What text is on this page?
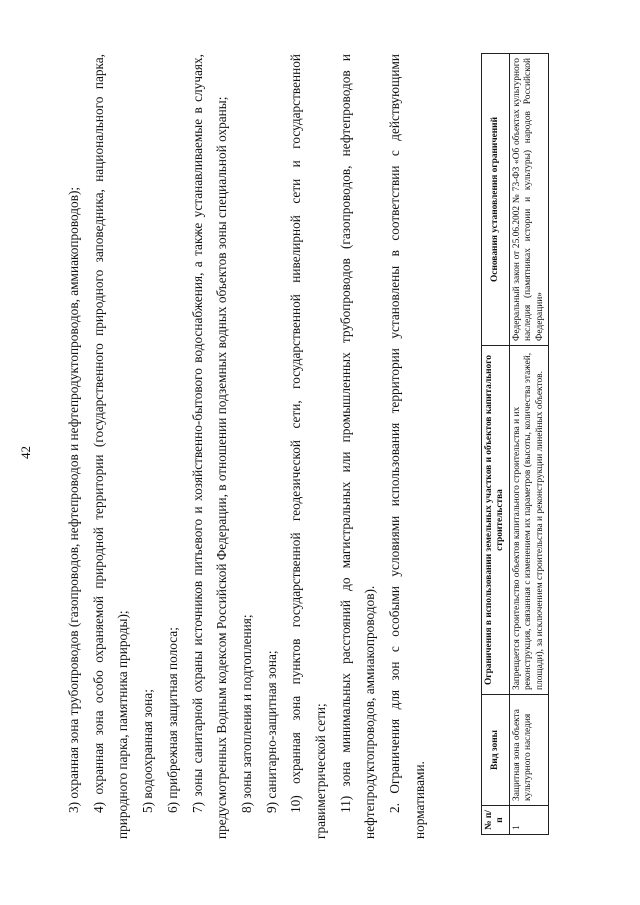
42	3) охранная зона трубопроводов (газопроводов, нефтепроводов и нефтепродуктопроводов, аммиакопроводов); 4) охранная зона особо охраняемой природной территории (государственного природного заповедника, национального парка, природного парка, памятника природы); 5) водоохранная зона; 6) прибрежная защитная полоса; 7) зоны санитарной охраны источников питьевого и хозяйственно-бытового водоснабжения, а также устанавливаемые в случаях, предусмотренных Водным кодексом Российской Федерации, в отношении подземных водных объектов зоны специальной охраны; 8) зоны затопления и подтопления; 9) санитарно-защитная зона; 10) охранная зона пунктов государственной геодезической сети, государственной нивелирной сети и государственной гравиметрической сети; 11) зона минимальных расстояний до магистральных или промышленных трубопроводов (газопроводов, нефтепроводов и нефтепродуктопроводов, аммиакопроводов). 2. Ограничения для зон с особыми условиями использования территории установлены в соответствии с действующими нормативами.	№ п/п	Вид зоны	Ограничения в использовании земельных участков и объектов капитального строительства	Основания установления ограничений
1	Защитная зона объекта культурного наследия	Запрещается строительство объектов капитального строительства и их реконструкция, связанная с изменением их параметров (высоты, количества этажей, площади), за исключением строительства и реконструкции линейных объектов.	Федеральный закон от 25.06.2002 № 73-ФЗ «Об объектах культурного наследия (памятниках истории и культуры) народов Российской Федерации»
